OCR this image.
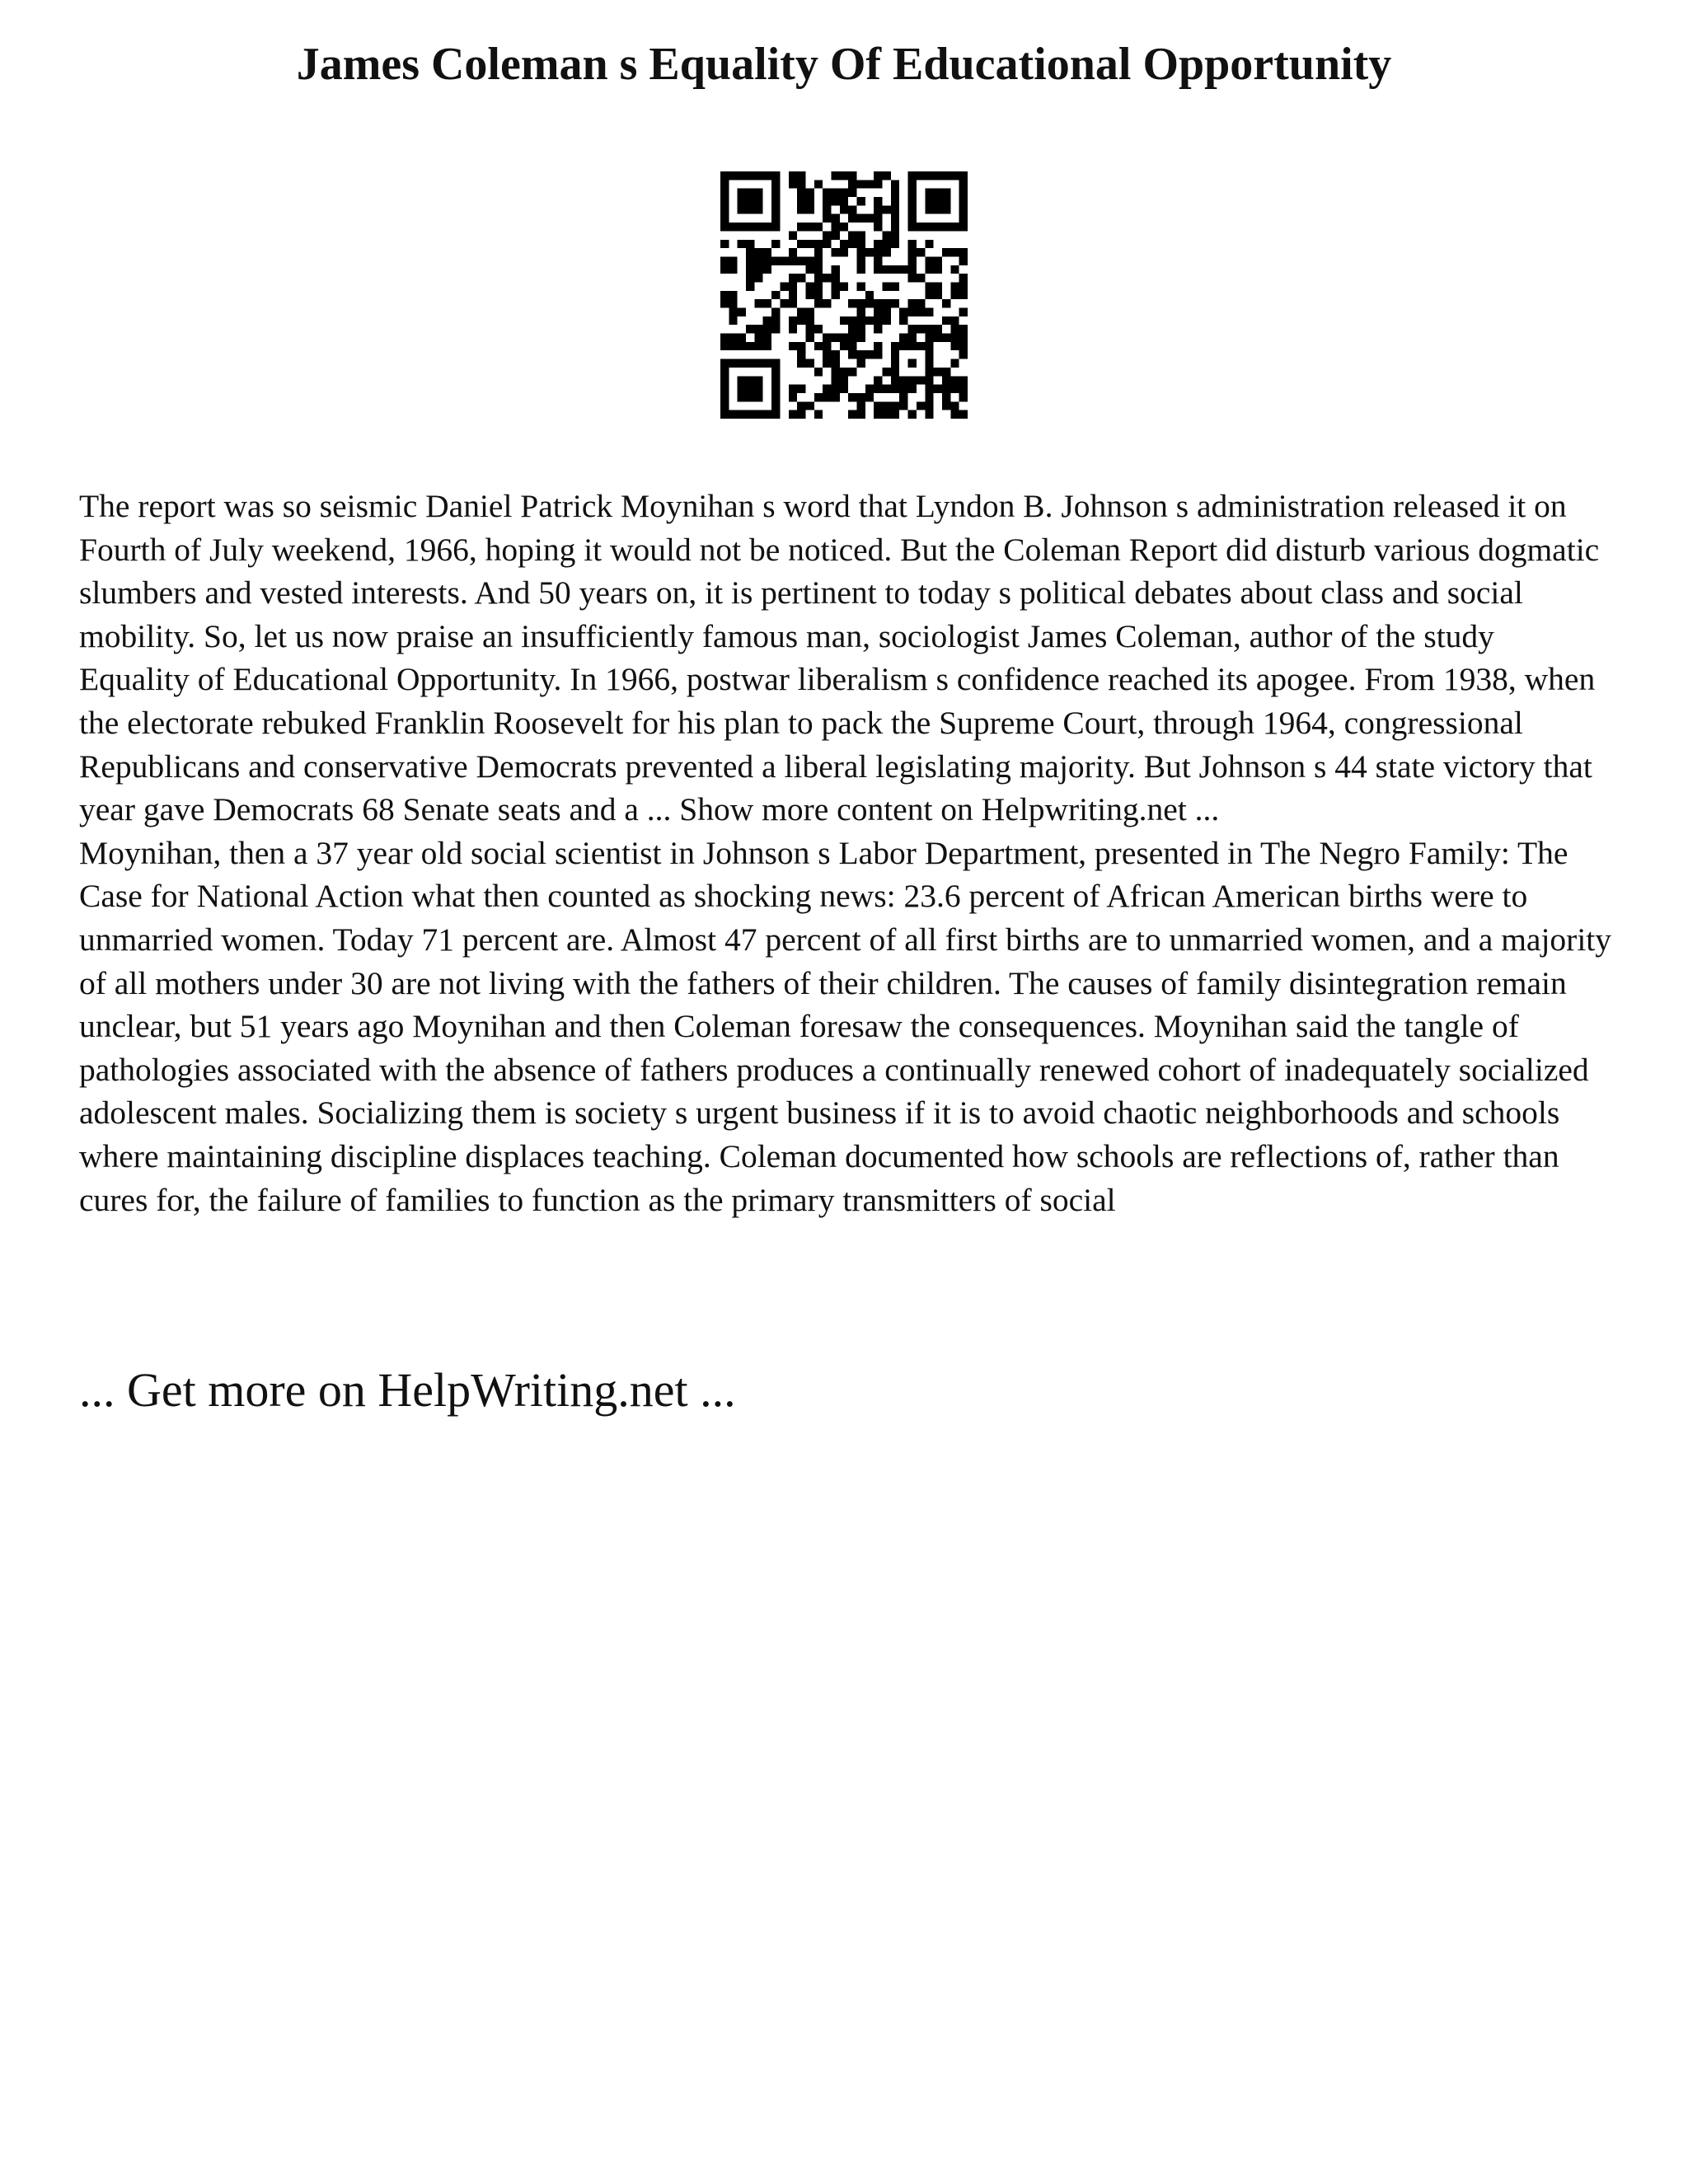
James Coleman s Equality Of Educational Opportunity

The report was so seismic Daniel Patrick Moynihan s word that Lyndon B. Johnson s administration released it on Fourth of July weekend, 1966, hoping it would not be noticed. But the Coleman Report did disturb various dogmatic slumbers and vested interests. And 50 years on, it is pertinent to today s political debates about class and social mobility. So, let us now praise an insufficiently famous man, sociologist James Coleman, author of the study Equality of Educational Opportunity. In 1966, postwar liberalism s confidence reached its apogee. From 1938, when the electorate rebuked Franklin Roosevelt for his plan to pack the Supreme Court, through 1964, congressional Republicans and conservative Democrats prevented a liberal legislating majority. But Johnson s 44 state victory that year gave Democrats 68 Senate seats and a ... Show more content on Helpwriting.net ...

Moynihan, then a 37 year old social scientist in Johnson s Labor Department, presented in The Negro Family: The Case for National Action what then counted as shocking news: 23.6 percent of African American births were to unmarried women. Today 71 percent are. Almost 47 percent of all first births are to unmarried women, and a majority of all mothers under 30 are not living with the fathers of their children. The causes of family disintegration remain unclear, but 51 years ago Moynihan and then Coleman foresaw the consequences. Moynihan said the tangle of pathologies associated with the absence of fathers produces a continually renewed cohort of inadequately socialized adolescent males. Socializing them is society s urgent business if it is to avoid chaotic neighborhoods and schools where maintaining discipline displaces teaching. Coleman documented how schools are reflections of, rather than cures for, the failure of families to function as the primary transmitters of social

... Get more on HelpWriting.net ...
